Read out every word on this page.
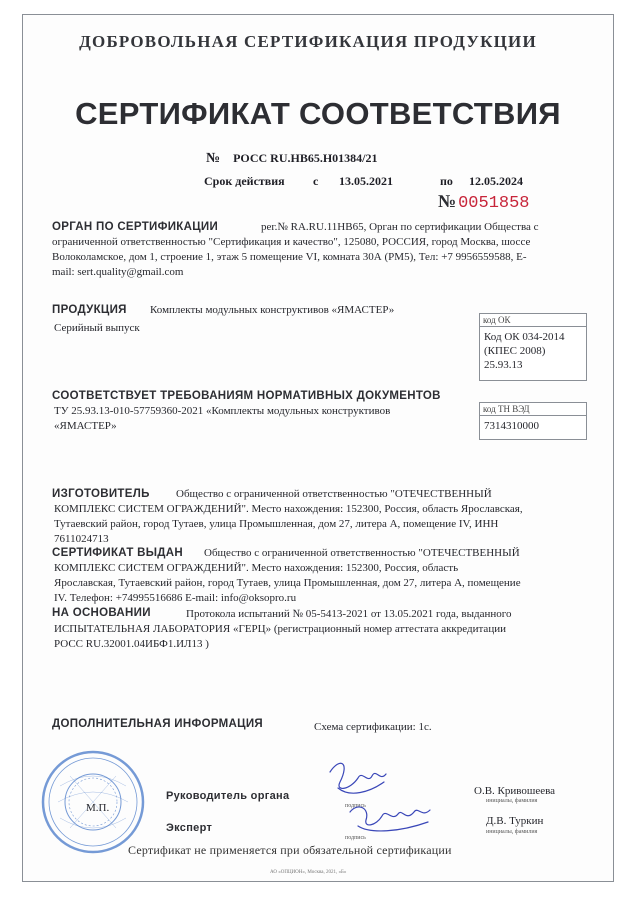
ДОБРОВОЛЬНАЯ СЕРТИФИКАЦИЯ ПРОДУКЦИИ
СЕРТИФИКАТ СООТВЕТСТВИЯ
№ РОСС RU.HB65.H01384/21
Срок действия с 13.05.2021	по 12.05.2024
№ 0051858
ОРГАН ПО СЕРТИФИКАЦИИ	рег.№ RA.RU.11HB65, Орган по сертификации Общества с
ограниченной ответственностью "Сертификация и качество", 125080, РОССИЯ, город Москва, шоссе
Волоколамское, дом 1, строение 1, этаж 5 помещение VI, комната 30А (РМ5), Тел: +7 9956559588, E-
mail: sert.quality@gmail.com
ПРОДУКЦИЯ Комплекты модульных конструктивов «ЯМАСТЕР»
Серийный выпуск
код ОК
Код ОК 034-2014
(КПЕС 2008)
25.93.13
СООТВЕТСТВУЕТ ТРЕБОВАНИЯМ НОРМАТИВНЫХ ДОКУМЕНТОВ
ТУ 25.93.13-010-57759360-2021 «Комплекты модульных конструктивов
«ЯМАСТЕР»
код ТН ВЭД
7314310000
ИЗГОТОВИТЕЛЬ Общество с ограниченной ответственностью "ОТЕЧЕСТВЕННЫЙ
КОМПЛЕКС СИСТЕМ ОГРАЖДЕНИЙ". Место нахождения: 152300, Россия, область Ярославская,
Тутаевский район, город Тутаев, улица Промышленная, дом 27, литера А, помещение IV, ИНН
7611024713
СЕРТИФИКАТ ВЫДАН Общество с ограниченной ответственностью "ОТЕЧЕСТВЕННЫЙ
КОМПЛЕКС СИСТЕМ ОГРАЖДЕНИЙ". Место нахождения: 152300, Россия, область
Ярославская, Тутаевский район, город Тутаев, улица Промышленная, дом 27, литера А, помещение
IV. Телефон: +74995516686 E-mail: info@oksopro.ru
НА ОСНОВАНИИ	Протокола испытаний № 05-5413-2021 от 13.05.2021 года, выданного
ИСПЫТАТЕЛЬНАЯ ЛАБОРАТОРИЯ «ГЕРЦ» (регистрационный номер аттестата аккредитации
РОСС RU.32001.04ИБФ1.ИЛ13 )
ДОПОЛНИТЕЛЬНАЯ ИНФОРМАЦИЯ	Схема сертификации: 1с.
М.П.
Руководитель органа
подпись
О.В. Кривошеева
инициалы, фамилия
Эксперт
подпись
Д.В. Туркин
инициалы, фамилия
Сертификат не применяется при обязательной сертификации
АО «ОПЦИОН», Москва, 2021, «Б»
